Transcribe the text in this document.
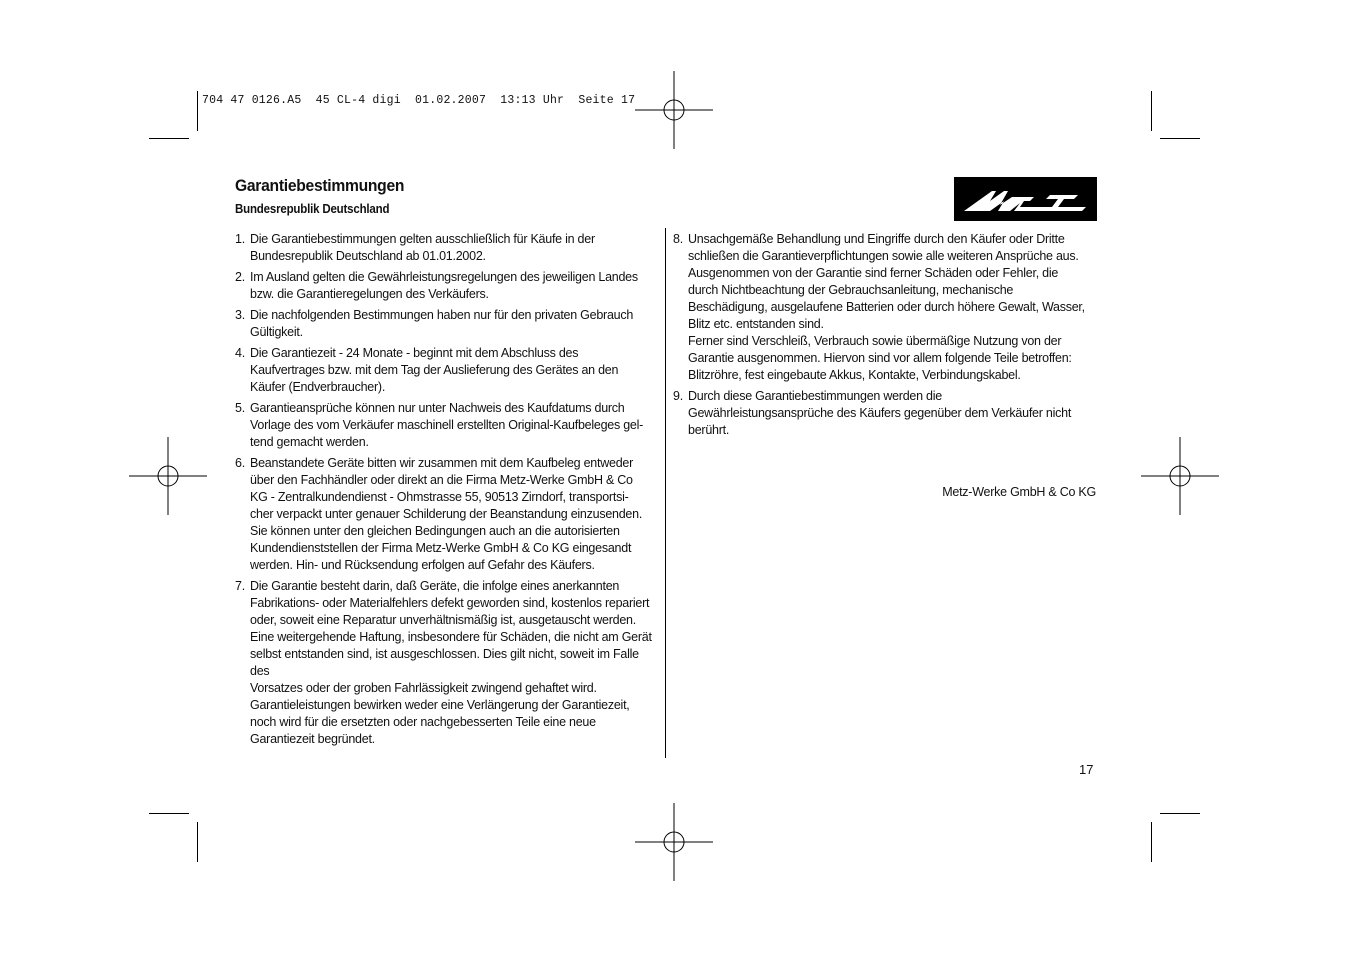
704 47 0126.A5  45 CL-4 digi  01.02.2007  13:13 Uhr  Seite 17
Garantiebestimmungen
Bundesrepublik Deutschland
1. Die Garantiebestimmungen gelten ausschließlich für Käufe in der
Bundesrepublik Deutschland ab 01.01.2002.
2. Im Ausland gelten die Gewährleistungsregelungen des jeweiligen Landes
bzw. die Garantieregelungen des Verkäufers.
3. Die nachfolgenden Bestimmungen haben nur für den privaten Gebrauch
Gültigkeit.
4. Die Garantiezeit - 24 Monate - beginnt mit dem Abschluss des
Kaufvertrages bzw. mit dem Tag der Auslieferung des Gerätes an den
Käufer (Endverbraucher).
5. Garantieansprüche können nur unter Nachweis des Kaufdatums durch
Vorlage des vom Verkäufer maschinell erstellten Original-Kaufbeleges gel-
tend gemacht werden.
6. Beanstandete Geräte bitten wir zusammen mit dem Kaufbeleg entweder
über den Fachhändler oder direkt an die Firma Metz-Werke GmbH & Co
KG - Zentralkundendienst - Ohmstrasse 55, 90513 Zirndorf, transportsi-
cher verpackt unter genauer Schilderung der Beanstandung einzusenden.
Sie können unter den gleichen Bedingungen auch an die autorisierten
Kundendienststellen der Firma Metz-Werke GmbH & Co KG eingesandt
werden. Hin- und Rücksendung erfolgen auf Gefahr des Käufers.
7. Die Garantie besteht darin, daß Geräte, die infolge eines anerkannten
Fabrikations- oder Materialfehlers defekt geworden sind, kostenlos repariert
oder, soweit eine Reparatur unverhältnismäßig ist, ausgetauscht werden.
Eine weitergehende Haftung, insbesondere für Schäden, die nicht am Gerät
selbst entstanden sind, ist ausgeschlossen. Dies gilt nicht, soweit im Falle des
Vorsatzes oder der groben Fahrlässigkeit zwingend gehaftet wird.
Garantieleistungen bewirken weder eine Verlängerung der Garantiezeit,
noch wird für die ersetzten oder nachgebesserten Teile eine neue
Garantiezeit begründet.
8. Unsachgemäße Behandlung und Eingriffe durch den Käufer oder Dritte
schließen die Garantieverpflichtungen sowie alle weiteren Ansprüche aus.
Ausgenommen von der Garantie sind ferner Schäden oder Fehler, die
durch Nichtbeachtung der Gebrauchsanleitung, mechanische
Beschädigung, ausgelaufene Batterien oder durch höhere Gewalt, Wasser,
Blitz etc. entstanden sind.
Ferner sind Verschleiß, Verbrauch sowie übermäßige Nutzung von der
Garantie ausgenommen. Hiervon sind vor allem folgende Teile betroffen:
Blitzröhre, fest eingebaute Akkus, Kontakte, Verbindungskabel.
9. Durch diese Garantiebestimmungen werden die
Gewährleistungsansprüche des Käufers gegenüber dem Verkäufer nicht
berührt.
Metz-Werke GmbH & Co KG
17
